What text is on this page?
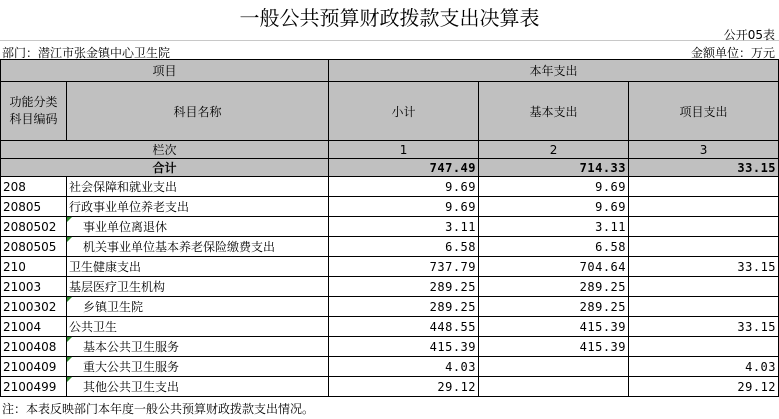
一般公共预算财政拨款支出决算表
公开05表
部门：潜江市张金镇中心卫生院	金额单位：万元
项目		本年支出		
功能分类
科目编码	科目名称	小计	基本支出	项目支出
栏次		1	2	3
合计		747.49	714.33	33.15
208	社会保障和就业支出	9.69	9.69	
20805	行政事业单位养老支出	9.69	9.69	
2080502	事业单位离退休	3.11	3.11	
2080505	机关事业单位基本养老保险缴费支出	6.58	6.58	
210	卫生健康支出	737.79	704.64	33.15
21003	基层医疗卫生机构	289.25	289.25	
2100302	乡镇卫生院	289.25	289.25	
21004	公共卫生	448.55	415.39	33.15
2100408	基本公共卫生服务	415.39	415.39	
2100409	重大公共卫生服务	4.03		4.03
2100499	其他公共卫生支出	29.12		29.12
注：本表反映部门本年度一般公共预算财政拨款支出情况。
